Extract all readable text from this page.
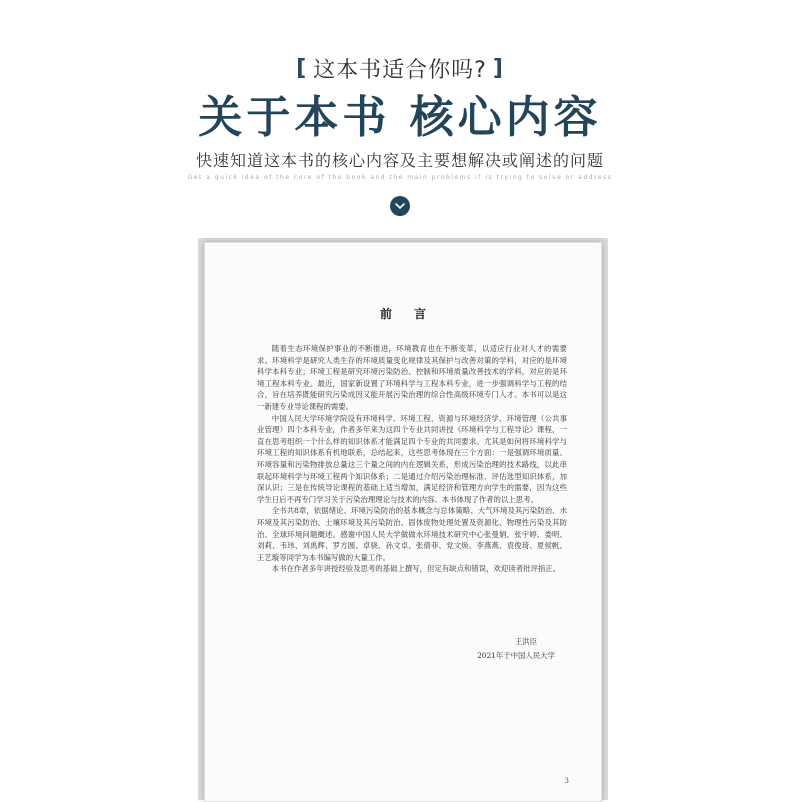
[ 这本书适合你吗? ]
关于本书 核心内容
快速知道这本书的核心内容及主要想解决或阐述的问题
Get a quick idea of the core of the book and the main problems it is trying to solve or address
前言

随着生态环境保护事业的不断推进，环境教育也在不断变革，以适应行业对人才的需要求。环境科学是研究人类生存的环境质量变化规律及其保护与改善对策的学科，对应的是环境科学本科专业；环境工程是研究环境污染防治、控制和环境质量改善技术的学科，对应的是环境工程本科专业。最近，国家新设置了环境科学与工程本科专业，进一步强调科学与工程的结合，旨在培养既能研究污染成因又能开展污染治理的综合性高级环境专门人才。本书可以是这一新建专业导论课程的需要。

中国人民大学环境学院设有环境科学、环境工程、资源与环境经济学、环境管理（公共事业管理）四个本科专业，作者多年来为这四个专业共同讲授《环境科学与工程导论》课程，一直在思考组织一个什么样的知识体系才能满足四个专业的共同要求。尤其是如何将环境科学与环境工程的知识体系有机地联系，总结起来，这些思考体现在三个方面：一是强调环境质量、环境容量和污染物排放总量这三个量之间的内在逻辑关系，形成污染治理的技术路线，以此串联起环境科学与环境工程两个知识体系；二是通过介绍污染治理标准、评估选型知识体系，加深认识；三是在传统导论课程的基础上适当增加，满足经济和管理方向学生的需要，因为这些学生日后不再专门学习关于污染治理理论与技术的内容。本书体现了作者的以上思考。

全书共8章，依据绪论、环境污染防治的基本概念与总体策略、大气环境及其污染防治、水环境及其污染防治、土壤环境及其污染防治、固体废物处理处置及资源化、物理性污染及其防治、全球环境问题概述。感谢中国人民大学做做水环境技术研究中心张曼娟、张宇婷、娄明、刘莉、韦玮、刘禹辉、罗方圆、卓骁、孙文卓、张倩菲、党文焕、李燕燕、袁俊琦、夏侯帆、王艺璇等同学为本书编写做的大量工作。

本书在作者多年讲授经验及思考的基础上撰写，但定有缺点和错误，欢迎读者批评指正。

王洪臣
2021年于中国人民大学
3
